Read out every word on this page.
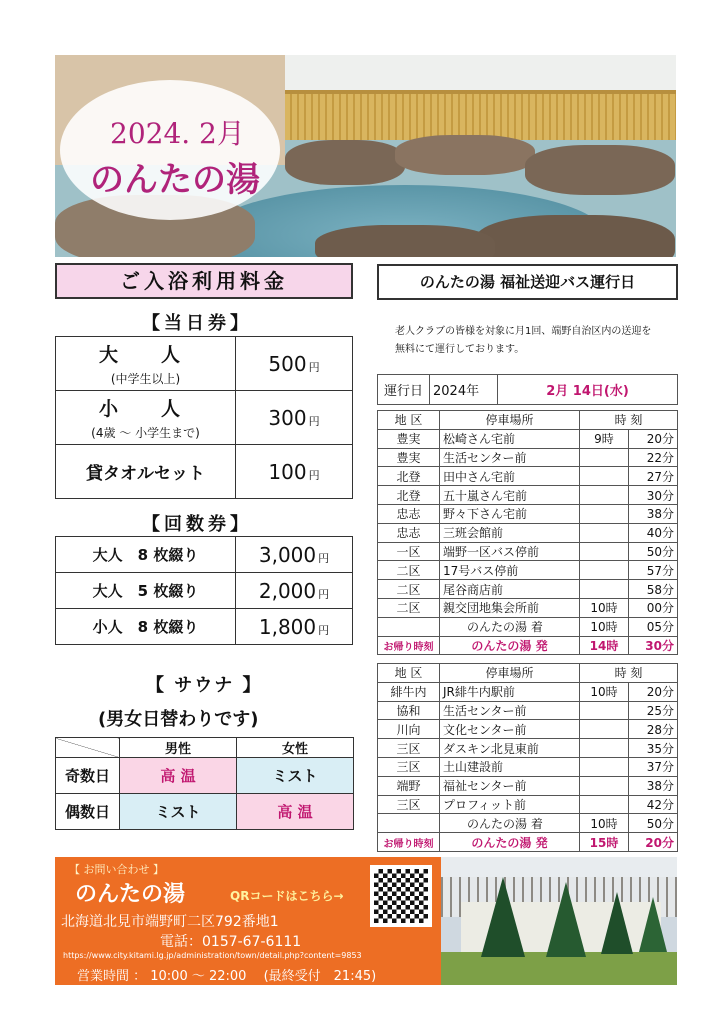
2024. 2月
のんたの湯
ご入浴利用料金
【当日券】
大　人
(中学生以上)	500 円
小　人
(4歳 ～ 小学生まで)	300 円
貸タオルセット	100 円
【回数券】
大人　8 枚綴り	3,000 円
大人　5 枚綴り	2,000 円
小人　8 枚綴り	1,800 円
【 サウナ 】
(男女日替わりです)
	男性	女性
奇数日	高 温	ミスト
偶数日	ミスト	高 温
のんたの湯 福祉送迎バス運行日
老人クラブの皆様を対象に月1回、端野自治区内の送迎を
無料にて運行しております。
運行日	2024年	2月 14日(水)
地 区	停車場所	時 刻	
豊実	松崎さん宅前	9時	20分
豊実	生活センター前		22分
北登	田中さん宅前		27分
北登	五十嵐さん宅前		30分
忠志	野々下さん宅前		38分
忠志	三班会館前		40分
一区	端野一区バス停前		50分
二区	17号バス停前		57分
二区	尾谷商店前		58分
二区	親交団地集会所前	10時	00分
	　　のんたの湯 着	10時	05分
お帰り時刻	のんたの湯 発	14時	30分
地 区	停車場所	時 刻	
緋牛内	JR緋牛内駅前	10時	20分
協和	生活センター前		25分
川向	文化センター前		28分
三区	ダスキン北見東前		35分
三区	土山建設前		37分
端野	福祉センター前		38分
三区	プロフィット前		42分
	　　のんたの湯 着	10時	50分
お帰り時刻	のんたの湯 発	15時	20分
【 お問い合わせ 】
のんたの湯	QRコードはこちら→
北海道北見市端野町二区792番地1
電話：0157-67-6111
https://www.city.kitami.lg.jp/administration/town/detail.php?content=9853
営業時間 ： 10:00 ～ 22:00 　(最終受付　21:45)
